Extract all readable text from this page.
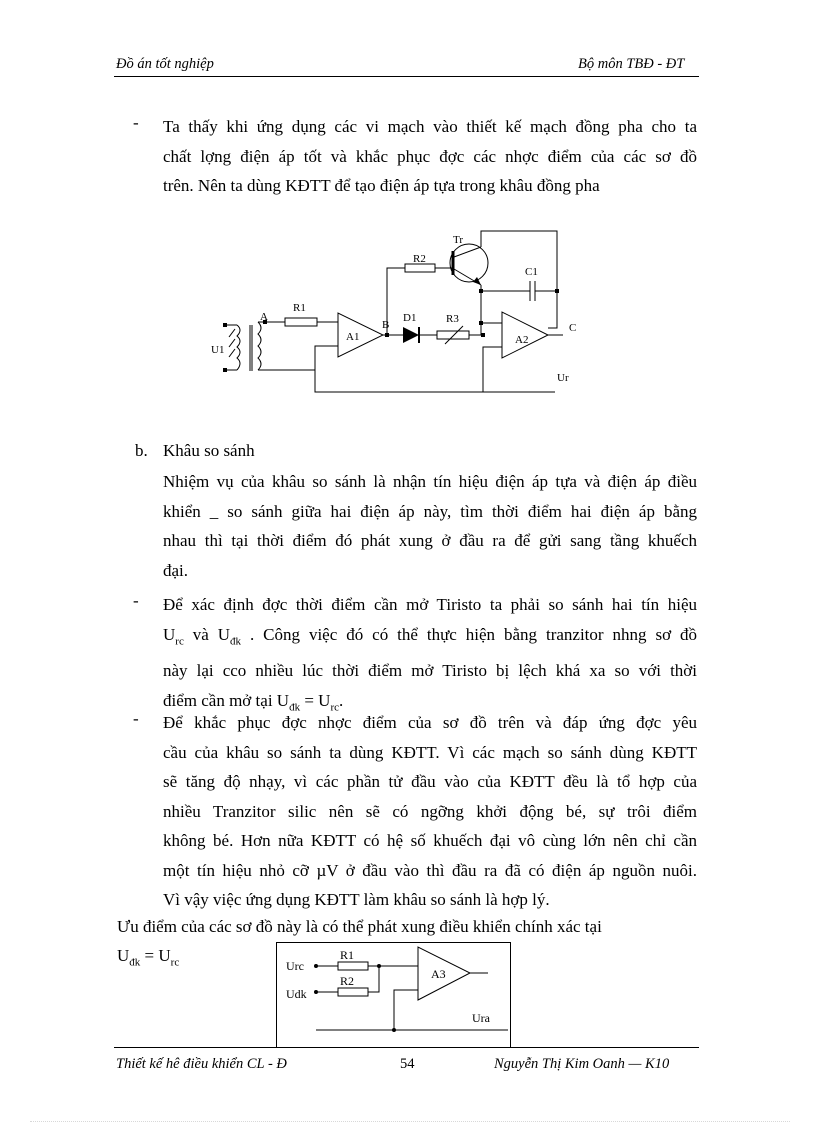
Đồ án tốt nghiệp	Bộ môn TBĐ - ĐT
- Ta thấy khi ứng dụng các vi mạch vào thiết kế mạch đồng pha cho ta
chất lợng điện áp tốt và khắc phục đợc các nhợc điểm của các sơ đồ
trên. Nên ta dùng KĐTT để tạo điện áp tựa trong khâu đồng pha
Tr
R2
C1
R1
A
A1
B
D1	R3
A2
C
U1
Ur
b. Khâu so sánh
Nhiệm vụ của khâu so sánh là nhận tín hiệu điện áp tựa và điện áp điều
khiển _ so sánh giữa hai điện áp này, tìm thời điểm hai điện áp bằng
nhau thì tại thời điểm đó phát xung ở đầu ra để gửi sang tầng khuếch
đại.
- Để xác định đợc thời điểm cần mở Tiristo ta phải so sánh hai tín hiệu
$U_{rc}$ và $U_{đk}$ . Công việc đó có thể thực hiện bằng tranzitor nhng sơ đồ
này lại cco nhiều lúc thời điểm mở Tiristo bị lệch khá xa so với thời
điểm cần mở tại $U_{đk} = U_{rc}$.
- Để khắc phục đợc nhợc điểm của sơ đồ trên và đáp ứng đợc yêu
cầu của khâu so sánh ta dùng KĐTT. Vì các mạch so sánh dùng KĐTT
sẽ tăng độ nhạy, vì các phần tử đầu vào của KĐTT đều là tổ hợp của
nhiều Tranzitor silic nên sẽ có ngỡng khởi động bé, sự trôi điểm
không bé. Hơn nữa KĐTT có hệ số khuếch đại vô cùng lớn nên chỉ cần
một tín hiệu nhỏ cỡ µV ở đầu vào thì đầu ra đã có điện áp nguồn nuôi.
Vì vậy việc ứng dụng KĐTT làm khâu so sánh là hợp lý.
Ưu điểm của các sơ đồ này là có thể phát xung điều khiển chính xác tại
$U_{đk} = U_{rc}$	Urc
Udk
R1
R2	A3
Ura
Thiết kế hê điều khiển CL - Đ	54	Nguyễn Thị Kim Oanh — K10
